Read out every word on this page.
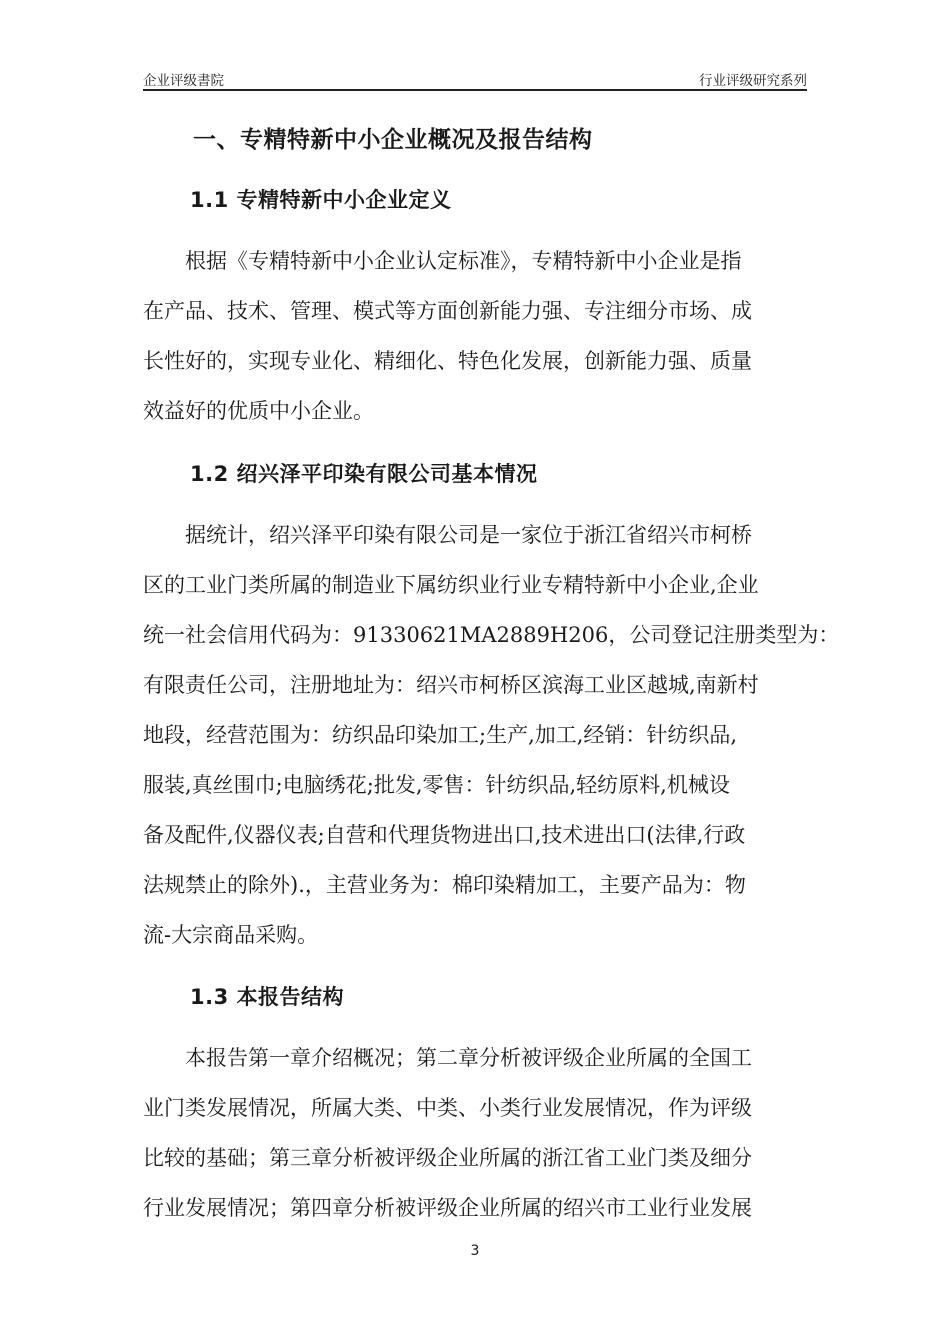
企业评级書院	行业评级研究系列
一、专精特新中小企业概况及报告结构
1.1 专精特新中小企业定义
根据《专精特新中小企业认定标准》，专精特新中小企业是指
在产品、技术、管理、模式等方面创新能力强、专注细分市场、成
长性好的，实现专业化、精细化、特色化发展，创新能力强、质量
效益好的优质中小企业。
1.2 绍兴泽平印染有限公司基本情况
据统计，绍兴泽平印染有限公司是一家位于浙江省绍兴市柯桥
区的工业门类所属的制造业下属纺织业行业专精特新中小企业,企业
统一社会信用代码为：91330621MA2889H206，公司登记注册类型为：
有限责任公司，注册地址为：绍兴市柯桥区滨海工业区越城,南新村
地段，经营范围为：纺织品印染加工;生产,加工,经销：针纺织品,
服装,真丝围巾;电脑绣花;批发,零售：针纺织品,轻纺原料,机械设
备及配件,仪器仪表;自营和代理货物进出口,技术进出口(法律,行政
法规禁止的除外).，主营业务为：棉印染精加工，主要产品为：物
流-大宗商品采购。
1.3 本报告结构
本报告第一章介绍概况；第二章分析被评级企业所属的全国工
业门类发展情况，所属大类、中类、小类行业发展情况，作为评级
比较的基础；第三章分析被评级企业所属的浙江省工业门类及细分
行业发展情况；第四章分析被评级企业所属的绍兴市工业行业发展
3
